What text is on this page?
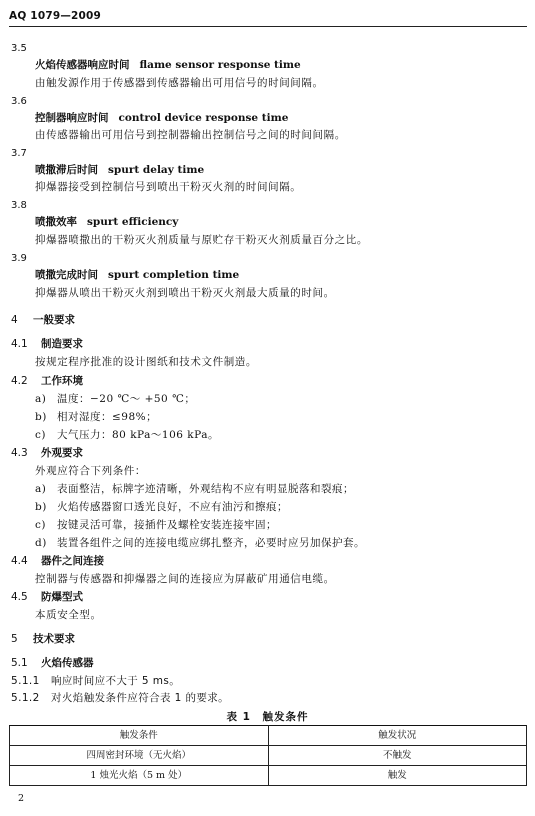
AQ 1079—2009
3.5
火焰传感器响应时间 flame sensor response time
由触发源作用于传感器到传感器输出可用信号的时间间隔。
3.6
控制器响应时间 control device response time
由传感器输出可用信号到控制器输出控制信号之间的时间间隔。
3.7
喷撒滞后时间 spurt delay time
抑爆器接受到控制信号到喷出干粉灭火剂的时间间隔。
3.8
喷撒效率 spurt efficiency
抑爆器喷撒出的干粉灭火剂质量与原贮存干粉灭火剂质量百分之比。
3.9
喷撒完成时间 spurt completion time
抑爆器从喷出干粉灭火剂到喷出干粉灭火剂最大质量的时间。
4 一般要求
4.1 制造要求
按规定程序批准的设计图纸和技术文件制造。
4.2 工作环境
a) 温度：−20 ℃～ +50 ℃；
b) 相对湿度：≤98%；
c) 大气压力：80 kPa～106 kPa。
4.3 外观要求
外观应符合下列条件：
a) 表面整洁，标牌字迹清晰，外观结构不应有明显脱落和裂痕；
b) 火焰传感器窗口透光良好，不应有油污和擦痕；
c) 按键灵活可靠，接插件及螺栓安装连接牢固；
d) 装置各组件之间的连接电缆应绑扎整齐，必要时应另加保护套。
4.4 器件之间连接
控制器与传感器和抑爆器之间的连接应为屏蔽矿用通信电缆。
4.5 防爆型式
本质安全型。
5 技术要求
5.1 火焰传感器
5.1.1 响应时间应不大于 5 ms。
5.1.2 对火焰触发条件应符合表 1 的要求。
表 1　触发条件
触发条件	触发状况
四周密封环境（无火焰）	不触发
1 烛光火焰（5 m 处）	触发
2
